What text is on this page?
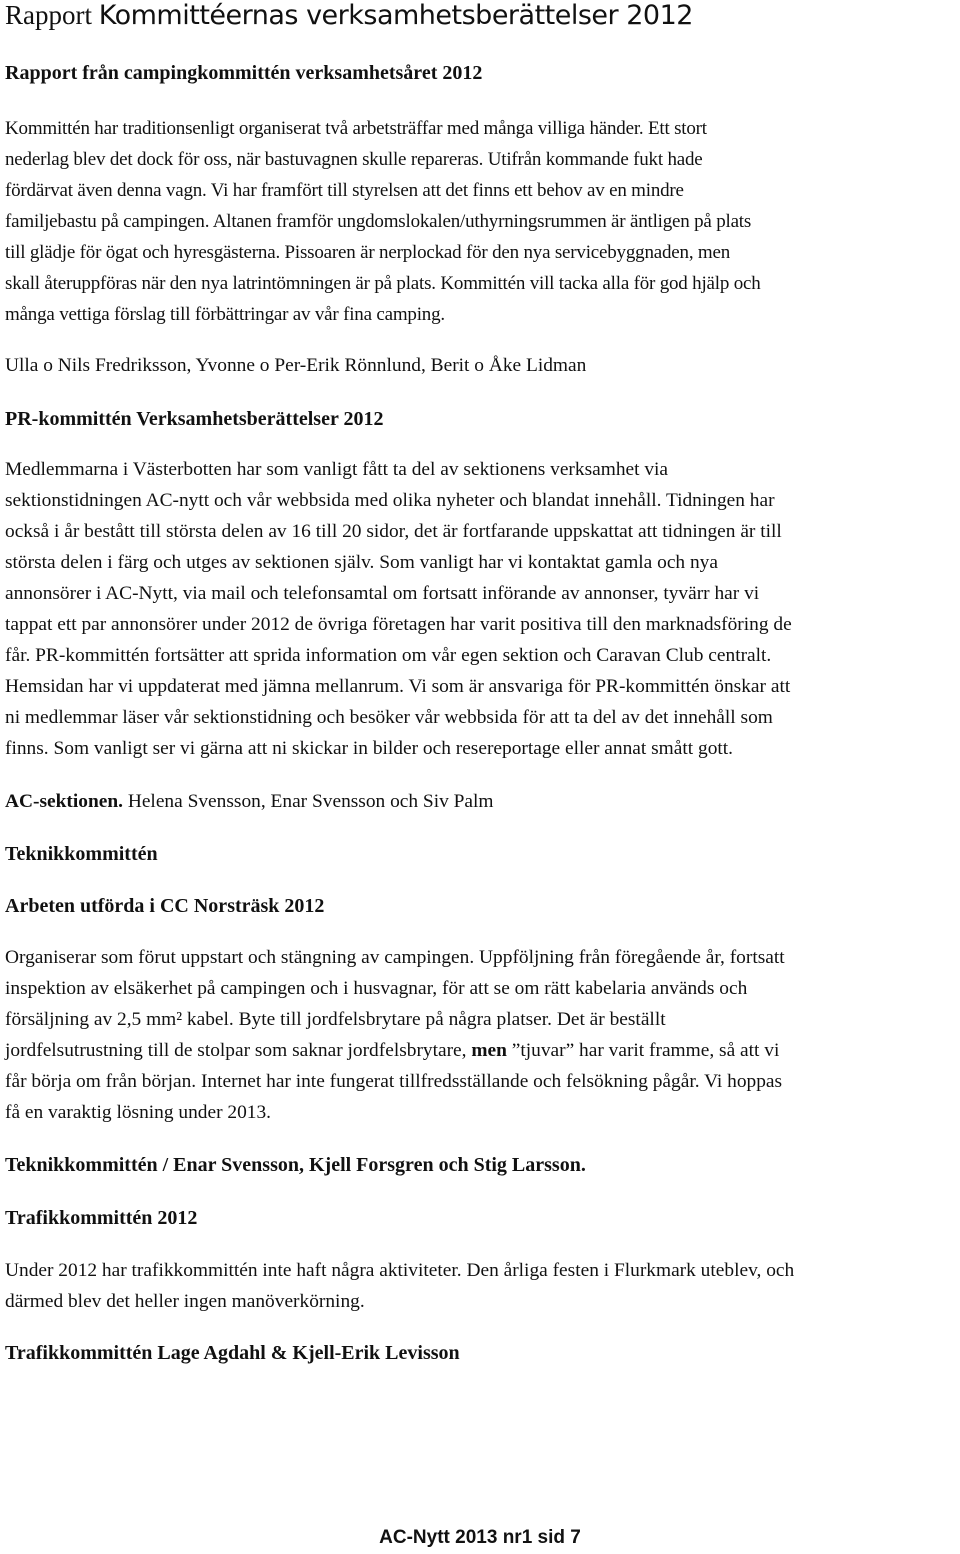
Rapport Kommittéernas verksamhetsberättelser 2012
Rapport från campingkommittén verksamhetsåret 2012

Kommittén har traditionsenligt organiserat två arbetsträffar med många villiga händer. Ett stort

nederlag blev det dock för oss, när bastuvagnen skulle repareras. Utifrån kommande fukt hade

fördärvat även denna vagn. Vi har framfört till styrelsen att det finns ett behov av en mindre

familjebastu på campingen. Altanen framför ungdomslokalen/uthyrningsrummen är äntligen på plats

till glädje för ögat och hyresgästerna. Pissoaren är nerplockad för den nya servicebyggnaden, men

skall återuppföras när den nya latrintömningen är på plats. Kommittén vill tacka alla för god hjälp och

många vettiga förslag till förbättringar av vår fina camping.

Ulla o Nils Fredriksson, Yvonne o Per-Erik Rönnlund, Berit o Åke Lidman

PR-kommittén Verksamhetsberättelser 2012

Medlemmarna i Västerbotten har som vanligt fått ta del av sektionens verksamhet via

sektionstidningen AC-nytt och vår webbsida med olika nyheter och blandat innehåll. Tidningen har

också i år bestått till största delen av 16 till 20 sidor, det är fortfarande uppskattat att tidningen är till

största delen i färg och utges av sektionen själv. Som vanligt har vi kontaktat gamla och nya

annonsörer i AC-Nytt, via mail och telefonsamtal om fortsatt införande av annonser, tyvärr har vi

tappat ett par annonsörer under 2012 de övriga företagen har varit positiva till den marknadsföring de

får. PR-kommittén fortsätter att sprida information om vår egen sektion och Caravan Club centralt.

Hemsidan har vi uppdaterat med jämna mellanrum. Vi som är ansvariga för PR-kommittén önskar att

ni medlemmar läser vår sektionstidning och besöker vår webbsida för att ta del av det innehåll som

finns. Som vanligt ser vi gärna att ni skickar in bilder och resereportage eller annat smått gott.

AC-sektionen. Helena Svensson, Enar Svensson och Siv Palm

Teknikkommittén
Arbeten utförda i CC Norsträsk 2012

Organiserar som förut uppstart och stängning av campingen. Uppföljning från föregående år, fortsatt

inspektion av elsäkerhet på campingen och i husvagnar, för att se om rätt kabelaria används och

försäljning av 2,5 mm² kabel. Byte till jordfelsbrytare på några platser. Det är beställt

jordfelsutrustning till de stolpar som saknar jordfelsbrytare, men ”tjuvar” har varit framme, så att vi

får börja om från början. Internet har inte fungerat tillfredsställande och felsökning pågår. Vi hoppas

få en varaktig lösning under 2013.

Teknikkommittén / Enar Svensson, Kjell Forsgren och Stig Larsson.
Trafikkommittén 2012

Under 2012 har trafikkommittén inte haft några aktiviteter. Den årliga festen i Flurkmark uteblev, och

därmed blev det heller ingen manöverkörning.

Trafikkommittén Lage Agdahl & Kjell-Erik Levisson
AC-Nytt 2013 nr1 sid 7
